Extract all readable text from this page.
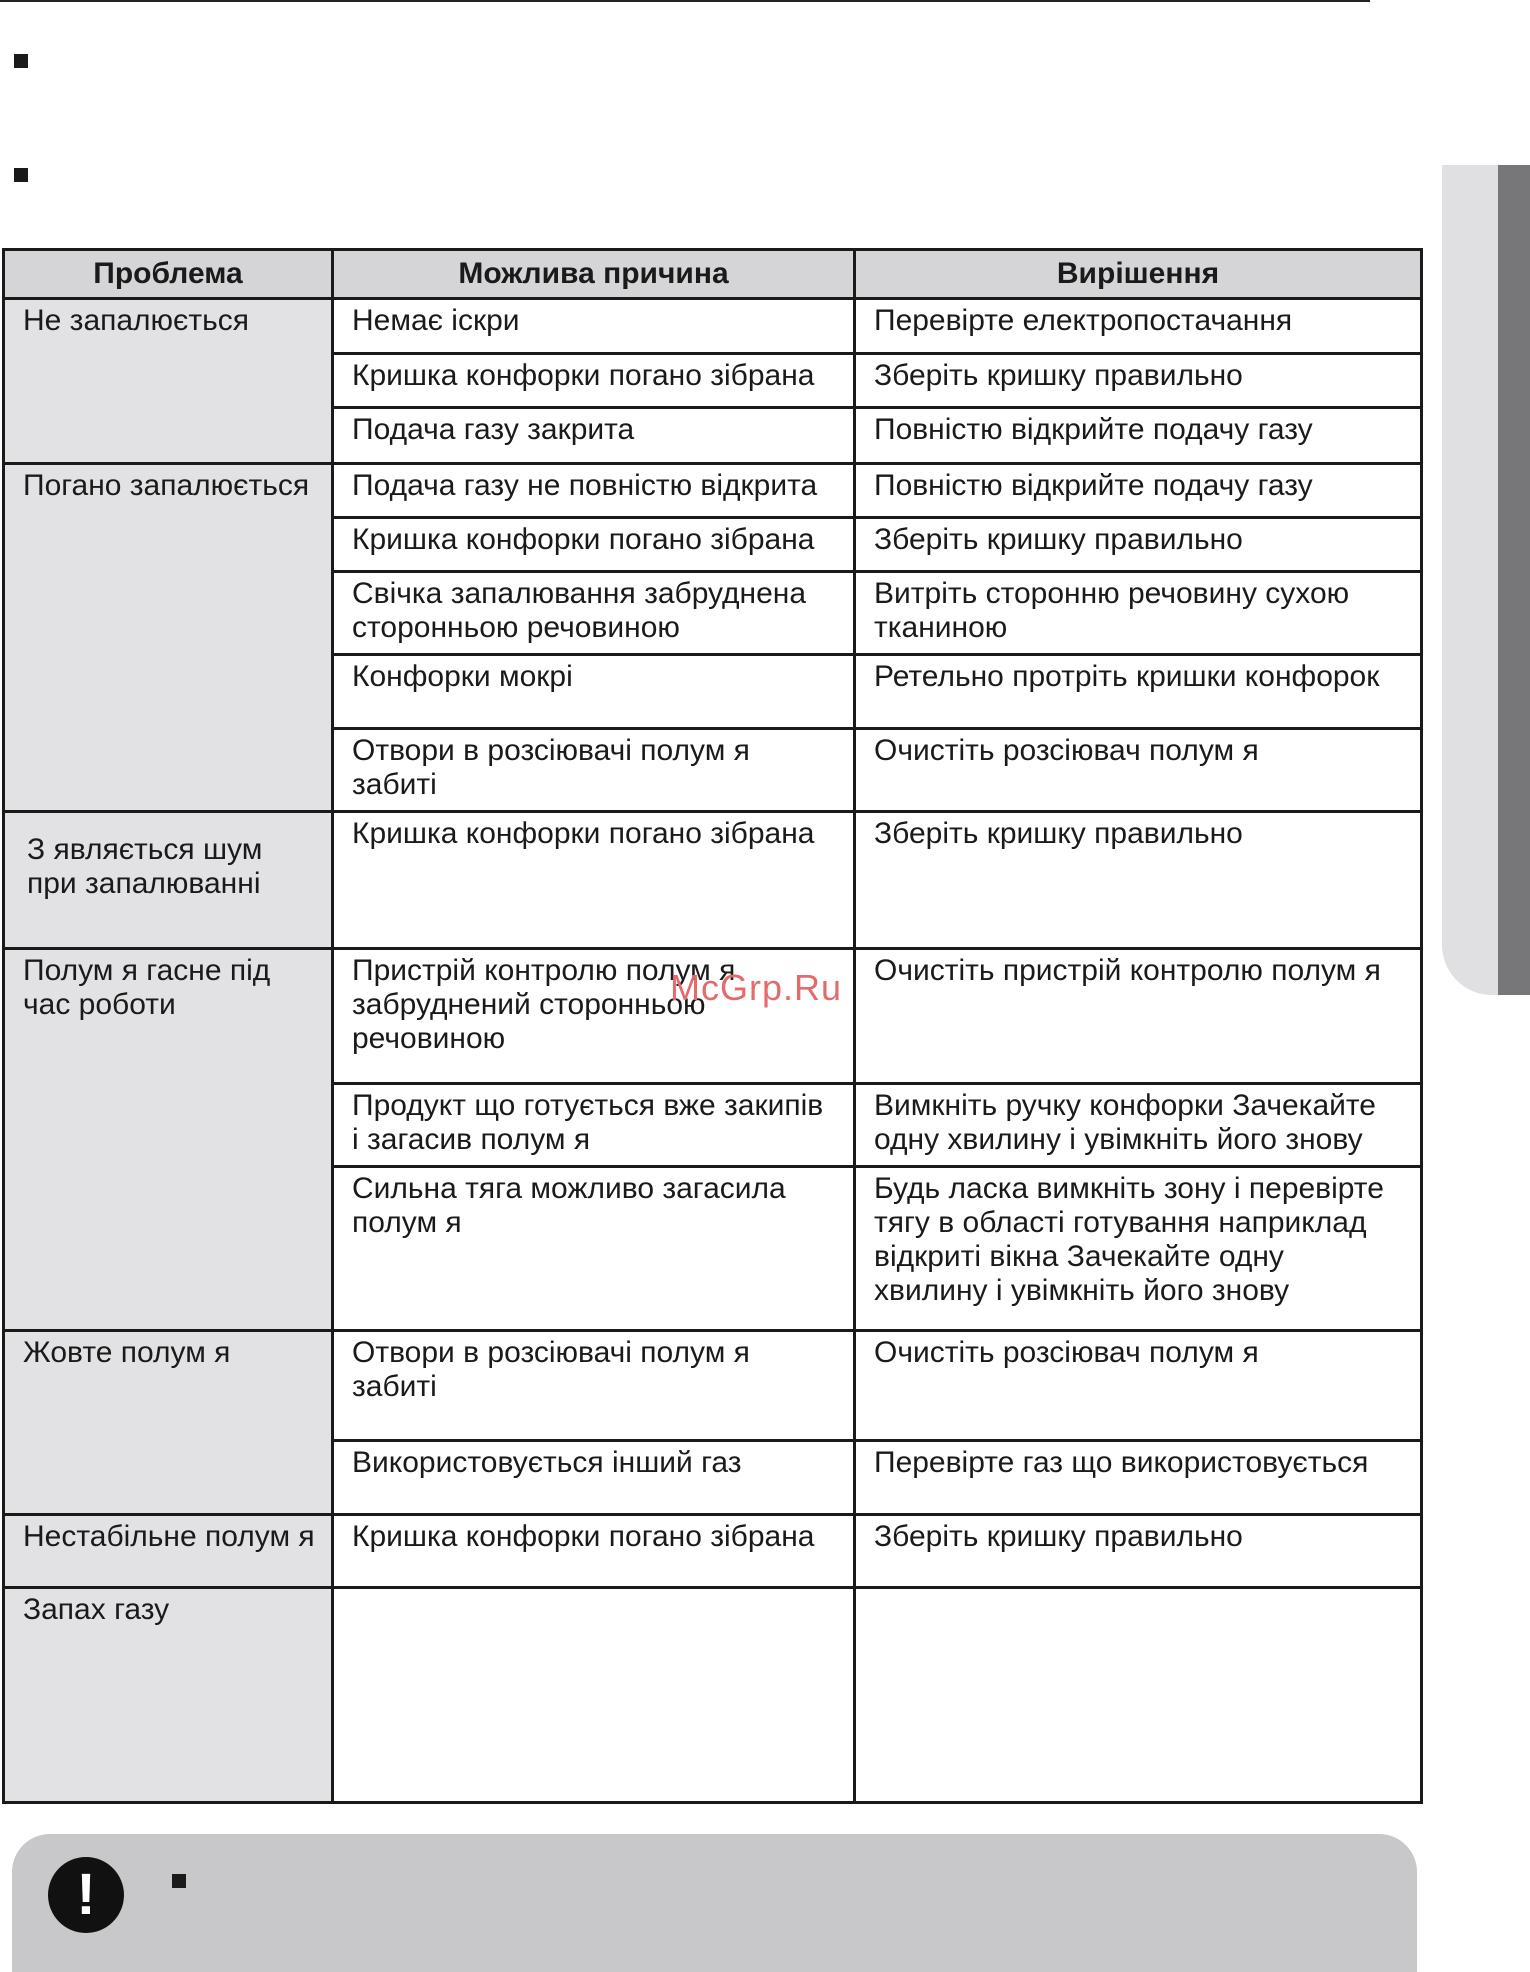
Проблема	Можлива причина	Вирішення
Не запалюється	Немає іскри	Перевірте електропостачання
	Кришка конфорки погано зібрана	Зберіть кришку правильно
	Подача газу закрита	Повністю відкрийте подачу газу
Погано запалюється	Подача газу не повністю відкрита	Повністю відкрийте подачу газу
	Кришка конфорки погано зібрана	Зберіть кришку правильно
	Свічка запалювання забруднена сторонньою речовиною	Витріть сторонню речовину сухою тканиною
	Конфорки мокрі	Ретельно протріть кришки конфорок
	Отвори в розсіювачі полум я забиті	Очистіть розсіювач полум я
З являється шум при запалюванні	Кришка конфорки погано зібрана	Зберіть кришку правильно
Полум я гасне під час роботи	Пристрій контролю полум я забруднений сторонньою речовиною	Очистіть пристрій контролю полум я
	Продукт що готується вже закипів і загасив полум я	Вимкніть ручку конфорки Зачекайте одну хвилину і увімкніть його знову
	Сильна тяга можливо загасила полум я	Будь ласка вимкніть зону і перевірте тягу в області готування наприклад відкриті вікна Зачекайте одну хвилину і увімкніть його знову
Жовте полум я	Отвори в розсіювачі полум я забиті	Очистіть розсіювач полум я
	Використовується інший газ	Перевірте газ що використовується
Нестабільне полум я	Кришка конфорки погано зібрана	Зберіть кришку правильно
Запах газу		
McGrp.Ru
!
